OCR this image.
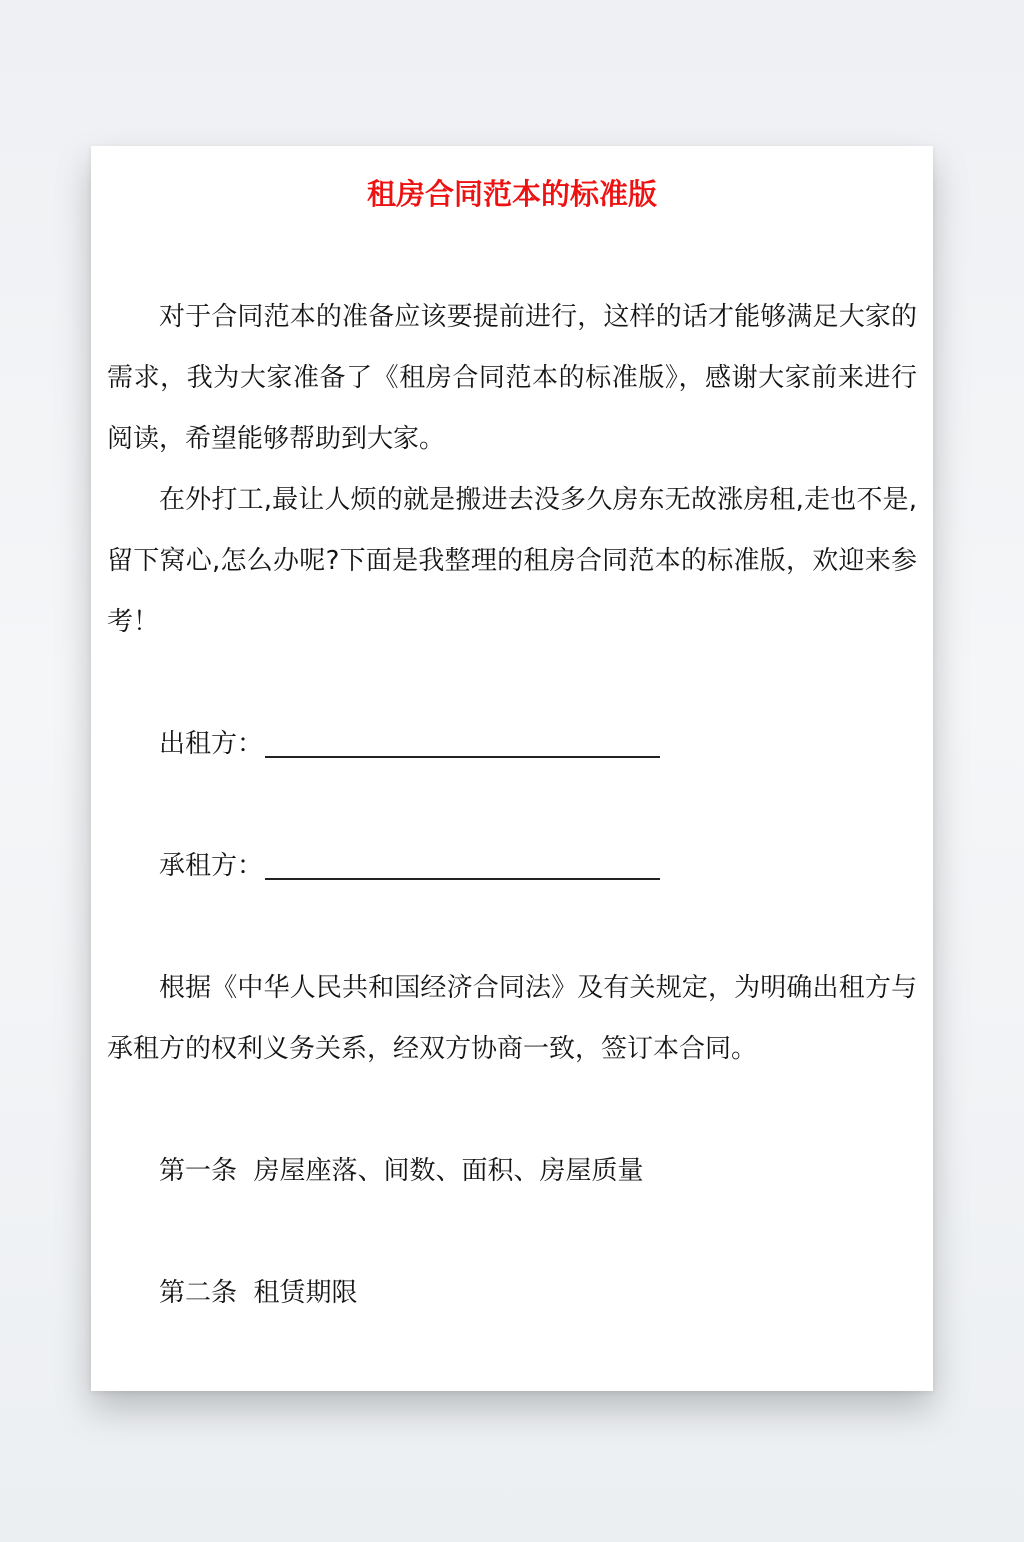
租房合同范本的标准版

对于合同范本的准备应该要提前进行，这样的话才能够满足大家的需求，我为大家准备了《租房合同范本的标准版》，感谢大家前来进行阅读，希望能够帮助到大家。

在外打工,最让人烦的就是搬进去没多久房东无故涨房租,走也不是,留下窝心,怎么办呢?下面是我整理的租房合同范本的标准版，欢迎来参考！

出租方：

承租方：

根据《中华人民共和国经济合同法》及有关规定，为明确出租方与承租方的权利义务关系，经双方协商一致，签订本合同。

第一条  房屋座落、间数、面积、房屋质量

第二条  租赁期限
